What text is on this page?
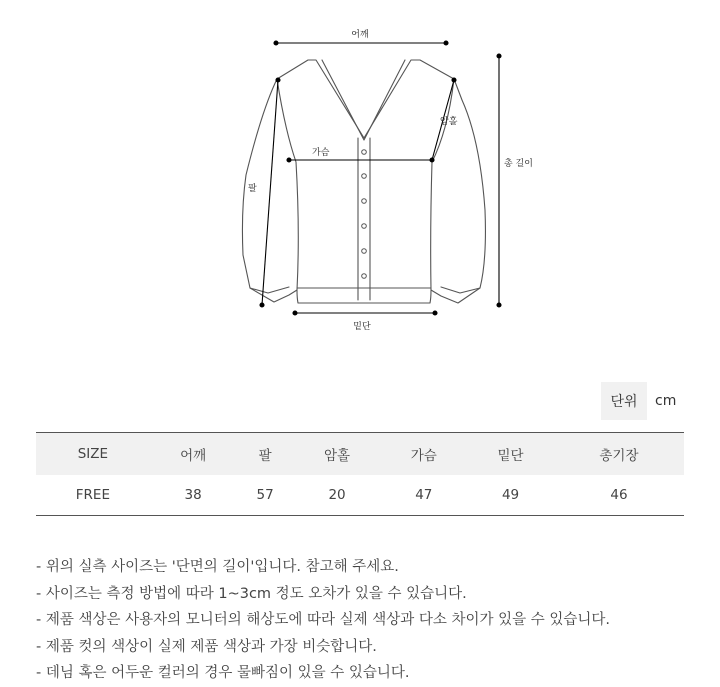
어깨
암홀
가슴
팔
총 길이
밑단
단위	cm
SIZE	어깨	팔	암홀	가슴	밑단	총기장
FREE	38	57	20	47	49	46
- 위의 실측 사이즈는 '단면의 길이'입니다. 참고해 주세요.
- 사이즈는 측정 방법에 따라 1~3cm 정도 오차가 있을 수 있습니다.
- 제품 색상은 사용자의 모니터의 해상도에 따라 실제 색상과 다소 차이가 있을 수 있습니다.
- 제품 컷의 색상이 실제 제품 색상과 가장 비슷합니다.
- 데님 혹은 어두운 컬러의 경우 물빠짐이 있을 수 있습니다.
